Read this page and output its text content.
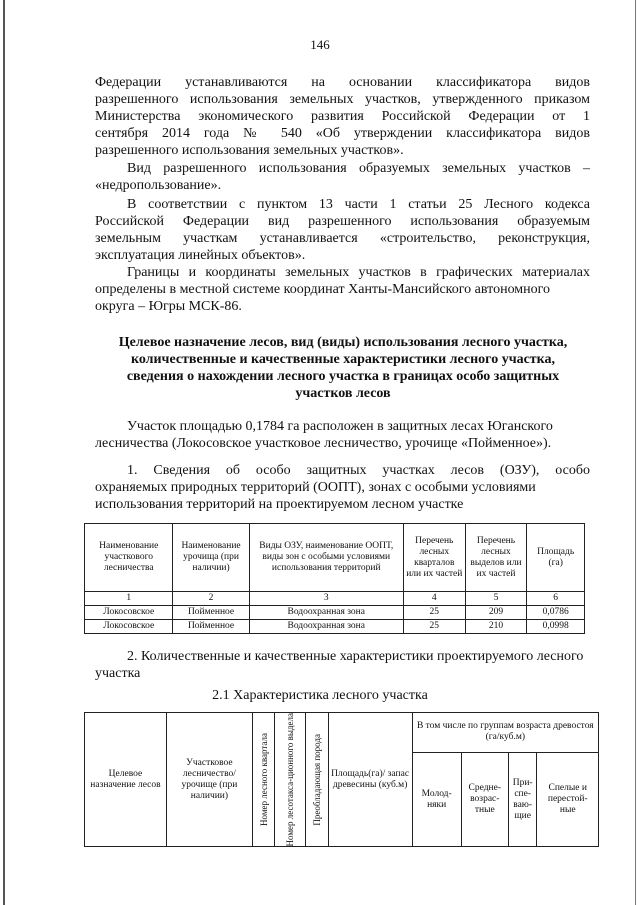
146
Федерации устанавливаются на основании классификатора видов
разрешенного использования земельных участков, утвержденного приказом
Министерства экономического развития Российской Федерации от 1
сентября 2014 года № 540 «Об утверждении классификатора видов
разрешенного использования земельных участков».
Вид разрешенного использования образуемых земельных участков –
«недропользование».
В соответствии с пунктом 13 части 1 статьи 25 Лесного кодекса
Российской Федерации вид разрешенного использования образуемым
земельным участкам устанавливается «строительство, реконструкция,
эксплуатация линейных объектов».
Границы и координаты земельных участков в графических материалах
определены в местной системе координат Ханты-Мансийского автономного
округа – Югры МСК-86.
Целевое назначение лесов, вид (виды) использования лесного участка,
количественные и качественные характеристики лесного участка,
сведения о нахождении лесного участка в границах особо защитных
участков лесов
Участок площадью 0,1784 га расположен в защитных лесах Юганского
лесничества (Локосовское участковое лесничество, урочище «Пойменное»).
1. Сведения об особо защитных участках лесов (ОЗУ), особо
охраняемых природных территорий (ООПТ), зонах с особыми условиями
использования территорий на проектируемом лесном участке
Наименование участкового лесничества	Наименование урочища (при наличии)	Виды ОЗУ, наименование ООПТ, виды зон с особыми условиями использования территорий	Перечень лесных кварталов или их частей	Перечень лесных выделов или их частей	Площадь (га)
1	2	3	4	5	6
Локосовское	Пойменное	Водоохранная зона	25	209	0,0786
Локосовское	Пойменное	Водоохранная зона	25	210	0,0998
2. Количественные и качественные характеристики проектируемого лесного
участка
2.1 Характеристика лесного участка
Целевое назначение лесов	Участковое лесничество/ урочище (при наличии)	Номер лесного квартала	Номер лесотакса-ционного выдела	Преобладающая порода	Площадь(га)/ запас древесины (куб.м)	В том числе по группам возраста древостоя (га/куб.м)			
						Молод- няки	Средне- возрас- тные	При- спе- ваю- щие	Спелые и перестой- ные
